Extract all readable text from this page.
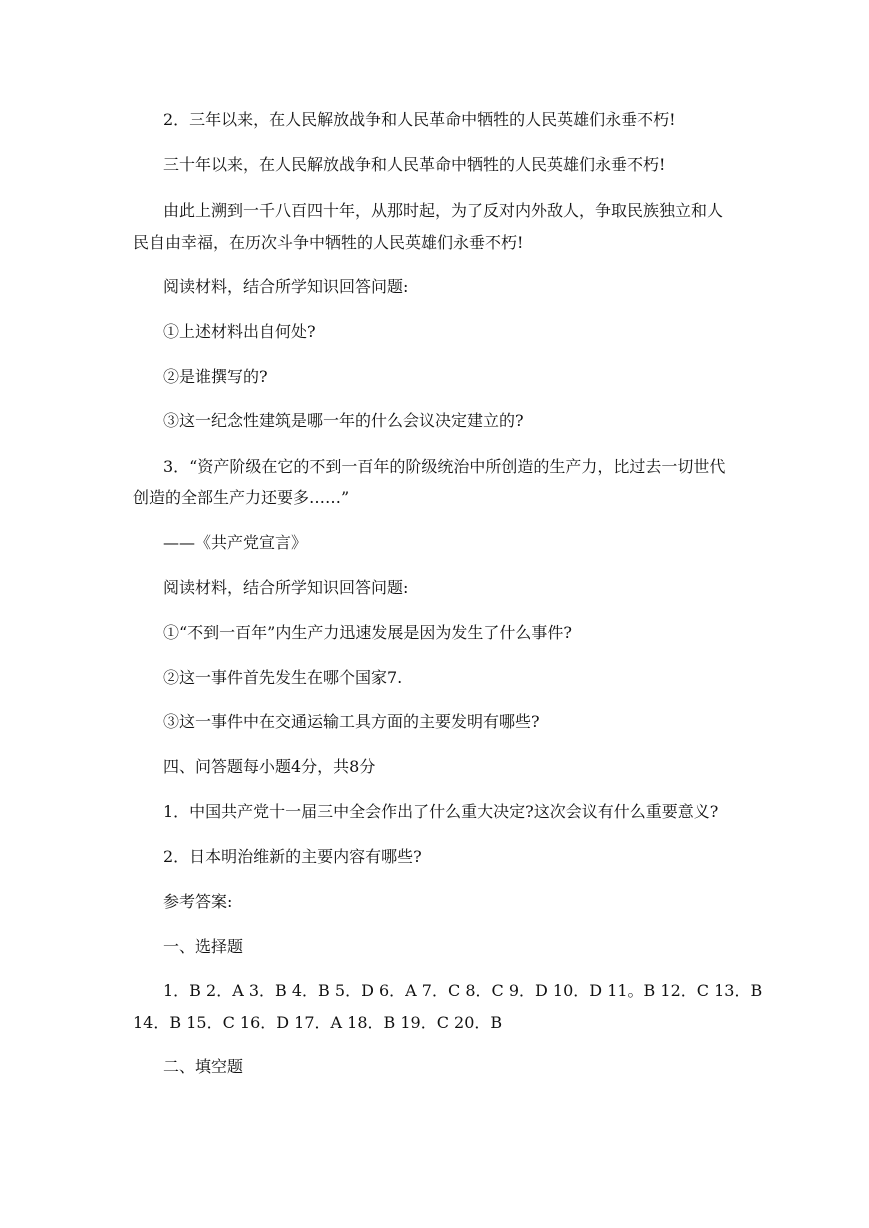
2．三年以来，在人民解放战争和人民革命中牺牲的人民英雄们永垂不朽!
三十年以来，在人民解放战争和人民革命中牺牲的人民英雄们永垂不朽!
由此上溯到一千八百四十年，从那时起，为了反对内外敌人，争取民族独立和人
民自由幸福，在历次斗争中牺牲的人民英雄们永垂不朽!
阅读材料，结合所学知识回答问题:
①上述材料出自何处?
②是谁撰写的?
③这一纪念性建筑是哪一年的什么会议决定建立的?
3．“资产阶级在它的不到一百年的阶级统治中所创造的生产力，比过去一切世代
创造的全部生产力还要多……”
——《共产党宣言》
阅读材料，结合所学知识回答问题:
①“不到一百年”内生产力迅速发展是因为发生了什么事件?
②这一事件首先发生在哪个国家7.
③这一事件中在交通运输工具方面的主要发明有哪些?
四、问答题每小题4分，共8分
1．中国共产党十一届三中全会作出了什么重大决定?这次会议有什么重要意义?
2．日本明治维新的主要内容有哪些?
参考答案:
一、选择题
1．B 2．A 3．B 4．B 5．D 6．A 7．C 8．C 9．D 10．D 11。B 12．C 13．B
14．B 15．C 16．D 17．A 18．B 19．C 20．B
二、填空题
